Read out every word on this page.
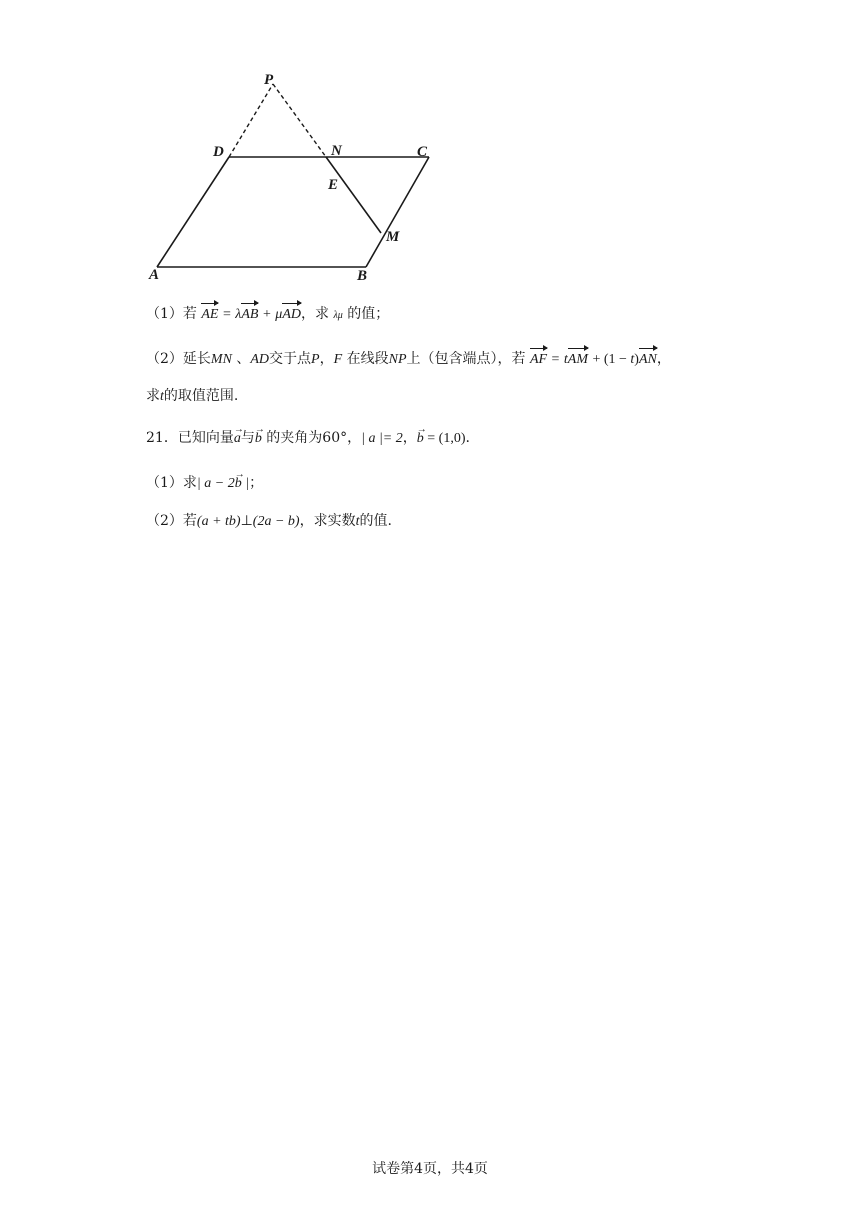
P
D	N	C
E
M
A	B
（1）若 AE = λAB + μAD，求 λμ 的值；
（2）延长MN 、AD交于点P，F 在线段NP上（包含端点），若 AF = tAM + (1 − t)AN，
求t的取值范围.
21．已知向量→ a与→ b 的夹角为60°，| a |= 2，→ b = (1,0).
（1）求| a − 2→ b |；
（2）若(a + tb)⊥(2a − b)，求实数t的值.
试卷第4页，共4页
